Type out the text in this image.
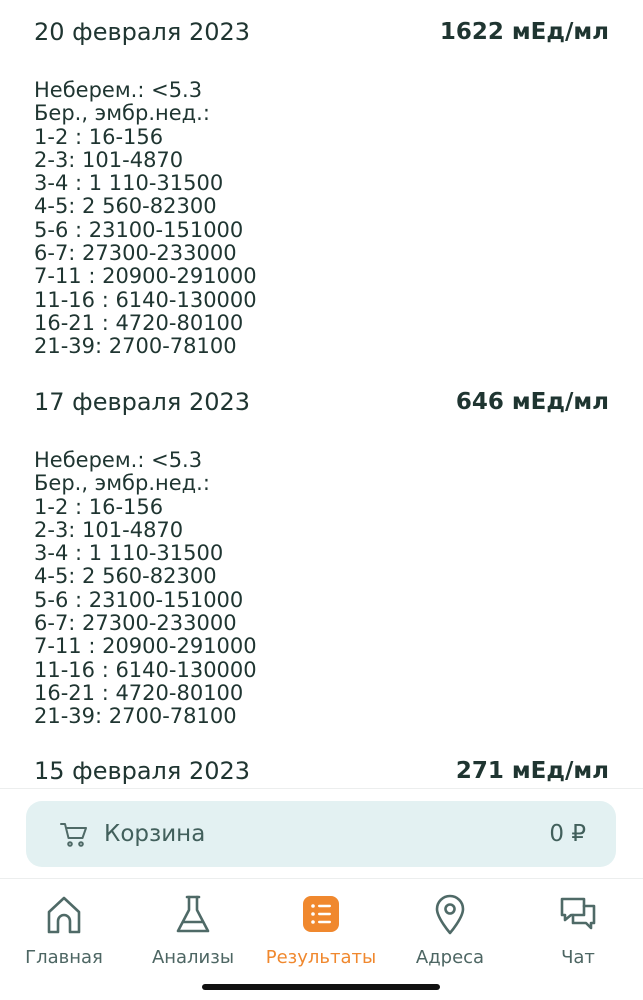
20 февраля 2023	1622 мЕд/мл
Неберем.: <5.3
Бер., эмбр.нед.:
1-2 : 16-156
2-3: 101-4870
3-4 : 1 110-31500
4-5: 2 560-82300
5-6 : 23100-151000
6-7: 27300-233000
7-11 : 20900-291000
11-16 : 6140-130000
16-21 : 4720-80100
21-39: 2700-78100
17 февраля 2023	646 мЕд/мл
Неберем.: <5.3
Бер., эмбр.нед.:
1-2 : 16-156
2-3: 101-4870
3-4 : 1 110-31500
4-5: 2 560-82300
5-6 : 23100-151000
6-7: 27300-233000
7-11 : 20900-291000
11-16 : 6140-130000
16-21 : 4720-80100
21-39: 2700-78100
15 февраля 2023	271 мЕд/мл
Корзина	0 ₽
Главная	Анализы Результаты Адреса	Чат
